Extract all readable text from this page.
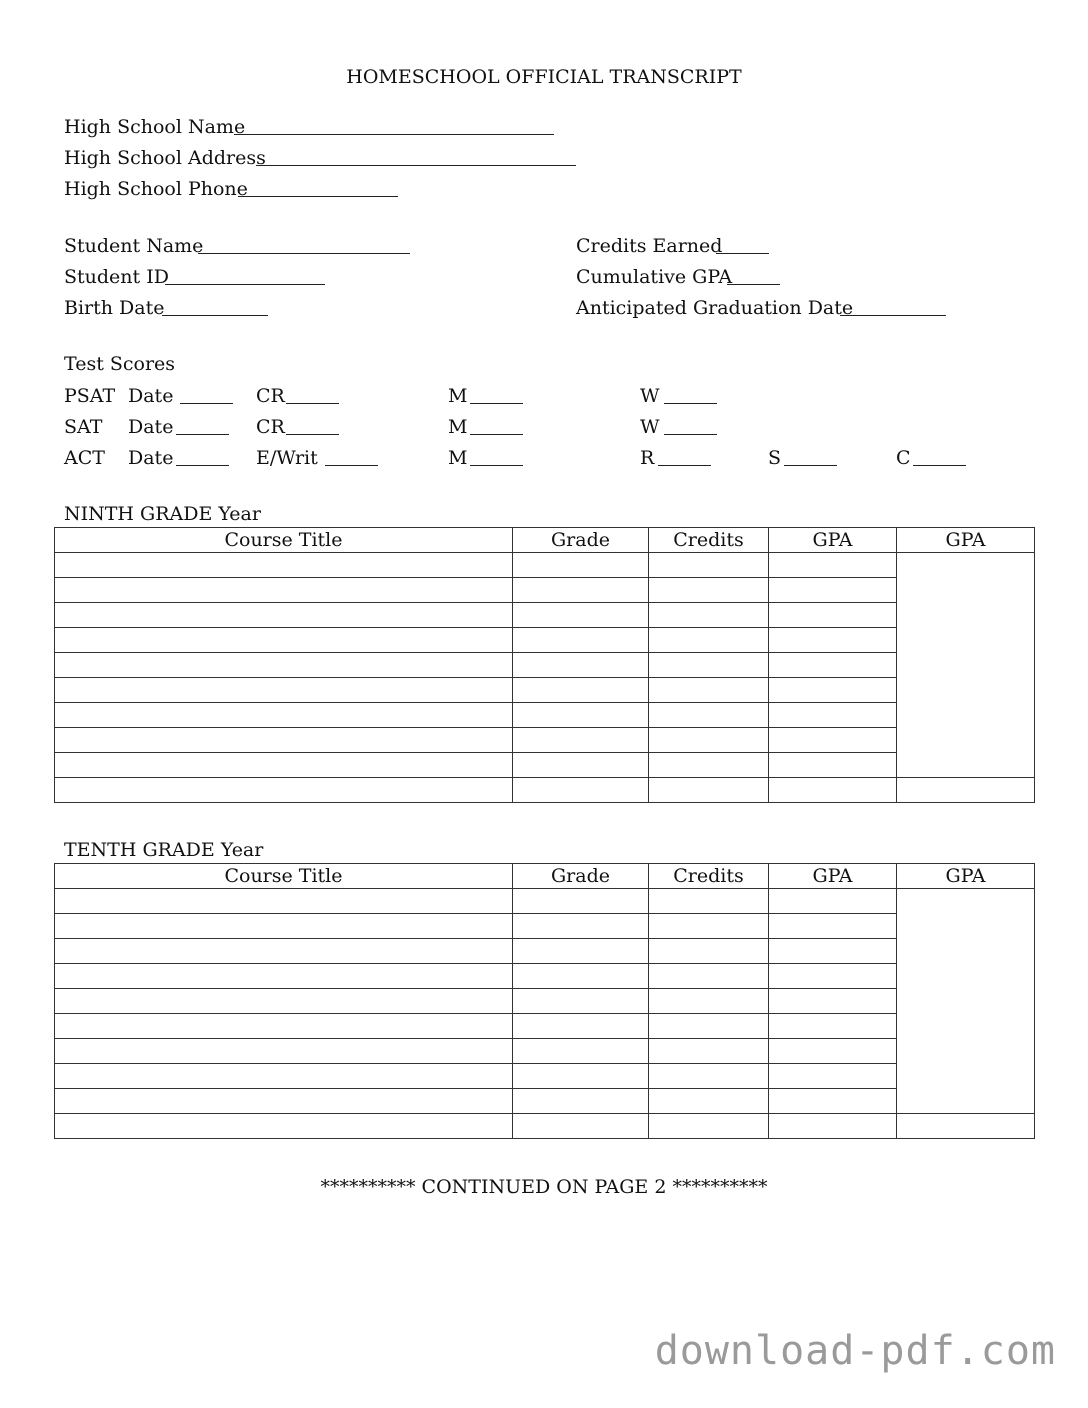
HOMESCHOOL OFFICIAL TRANSCRIPT
High School Name
High School Address
High School Phone
Student Name
Student ID
Birth Date
Credits Earned
Cumulative GPA
Anticipated Graduation Date
Test Scores
PSAT Date	CR	M	W
SAT Date	CR	M	W
ACT Date	E/Writ	M	R	S	C
NINTH GRADE Year
Course Title	Grade	Credits	GPA	GPA

TENTH GRADE Year
Course Title	Grade	Credits	GPA	GPA

********** CONTINUED ON PAGE 2 **********
download-pdf.com
